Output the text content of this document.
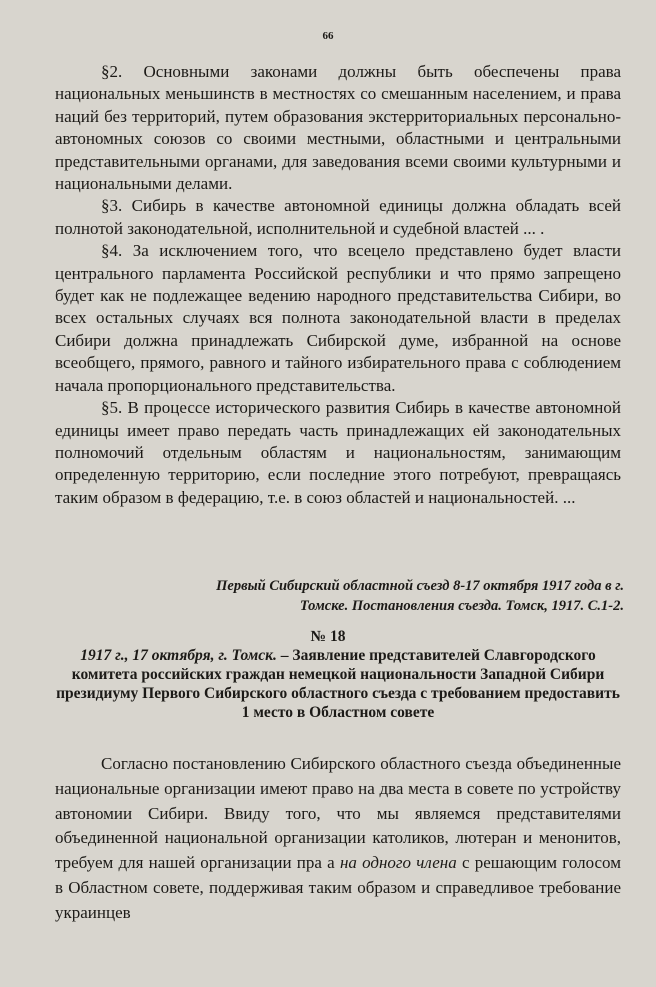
66

§2. Основными законами должны быть обеспечены права национальных меньшинств в местностях со смешанным населением, и права наций без территорий, путем образования экстерриториальных персонально-автономных союзов со своими местными, областными и центральными представительными органами, для заведования всеми своими культурными и национальными делами.

§3. Сибирь в качестве автономной единицы должна обладать всей полнотой законодательной, исполнительной и судебной властей ... .

§4. За исключением того, что всецело представлено будет власти центрального парламента Российской республики и что прямо запрещено будет как не подлежащее ведению народного представительства Сибири, во всех остальных случаях вся полнота законодательной власти в пределах Сибири должна принадлежать Сибирской думе, избранной на основе всеобщего, прямого, равного и тайного избирательного права с соблюдением начала пропорционального представительства.

§5. В процессе исторического развития Сибирь в качестве автономной единицы имеет право передать часть принадлежащих ей законодательных полномочий отдельным областям и национальностям, занимающим определенную территорию, если последние этого потребуют, превращаясь таким образом в федерацию, т.е. в союз областей и национальностей. ...

Первый Сибирский областной съезд 8-17 октября 1917 года в г. Томске. Постановления съезда. Томск, 1917. С.1-2.
№ 18
1917 г., 17 октября, г. Томск. – Заявление представителей Славгородского комитета российских граждан немецкой национальности Западной Сибири президиуму Первого Сибирского областного съезда с требованием предоставить 1 место в Областном совете

Согласно постановлению Сибирского областного съезда объединенные национальные организации имеют право на два места в совете по устройству автономии Сибири. Ввиду того, что мы являемся представителями объединенной национальной организации католиков, лютеран и менонитов, требуем для нашей организации пра а на одного члена с решающим голосом в Областном совете, поддерживая таким образом и справедливое требование украинцев
